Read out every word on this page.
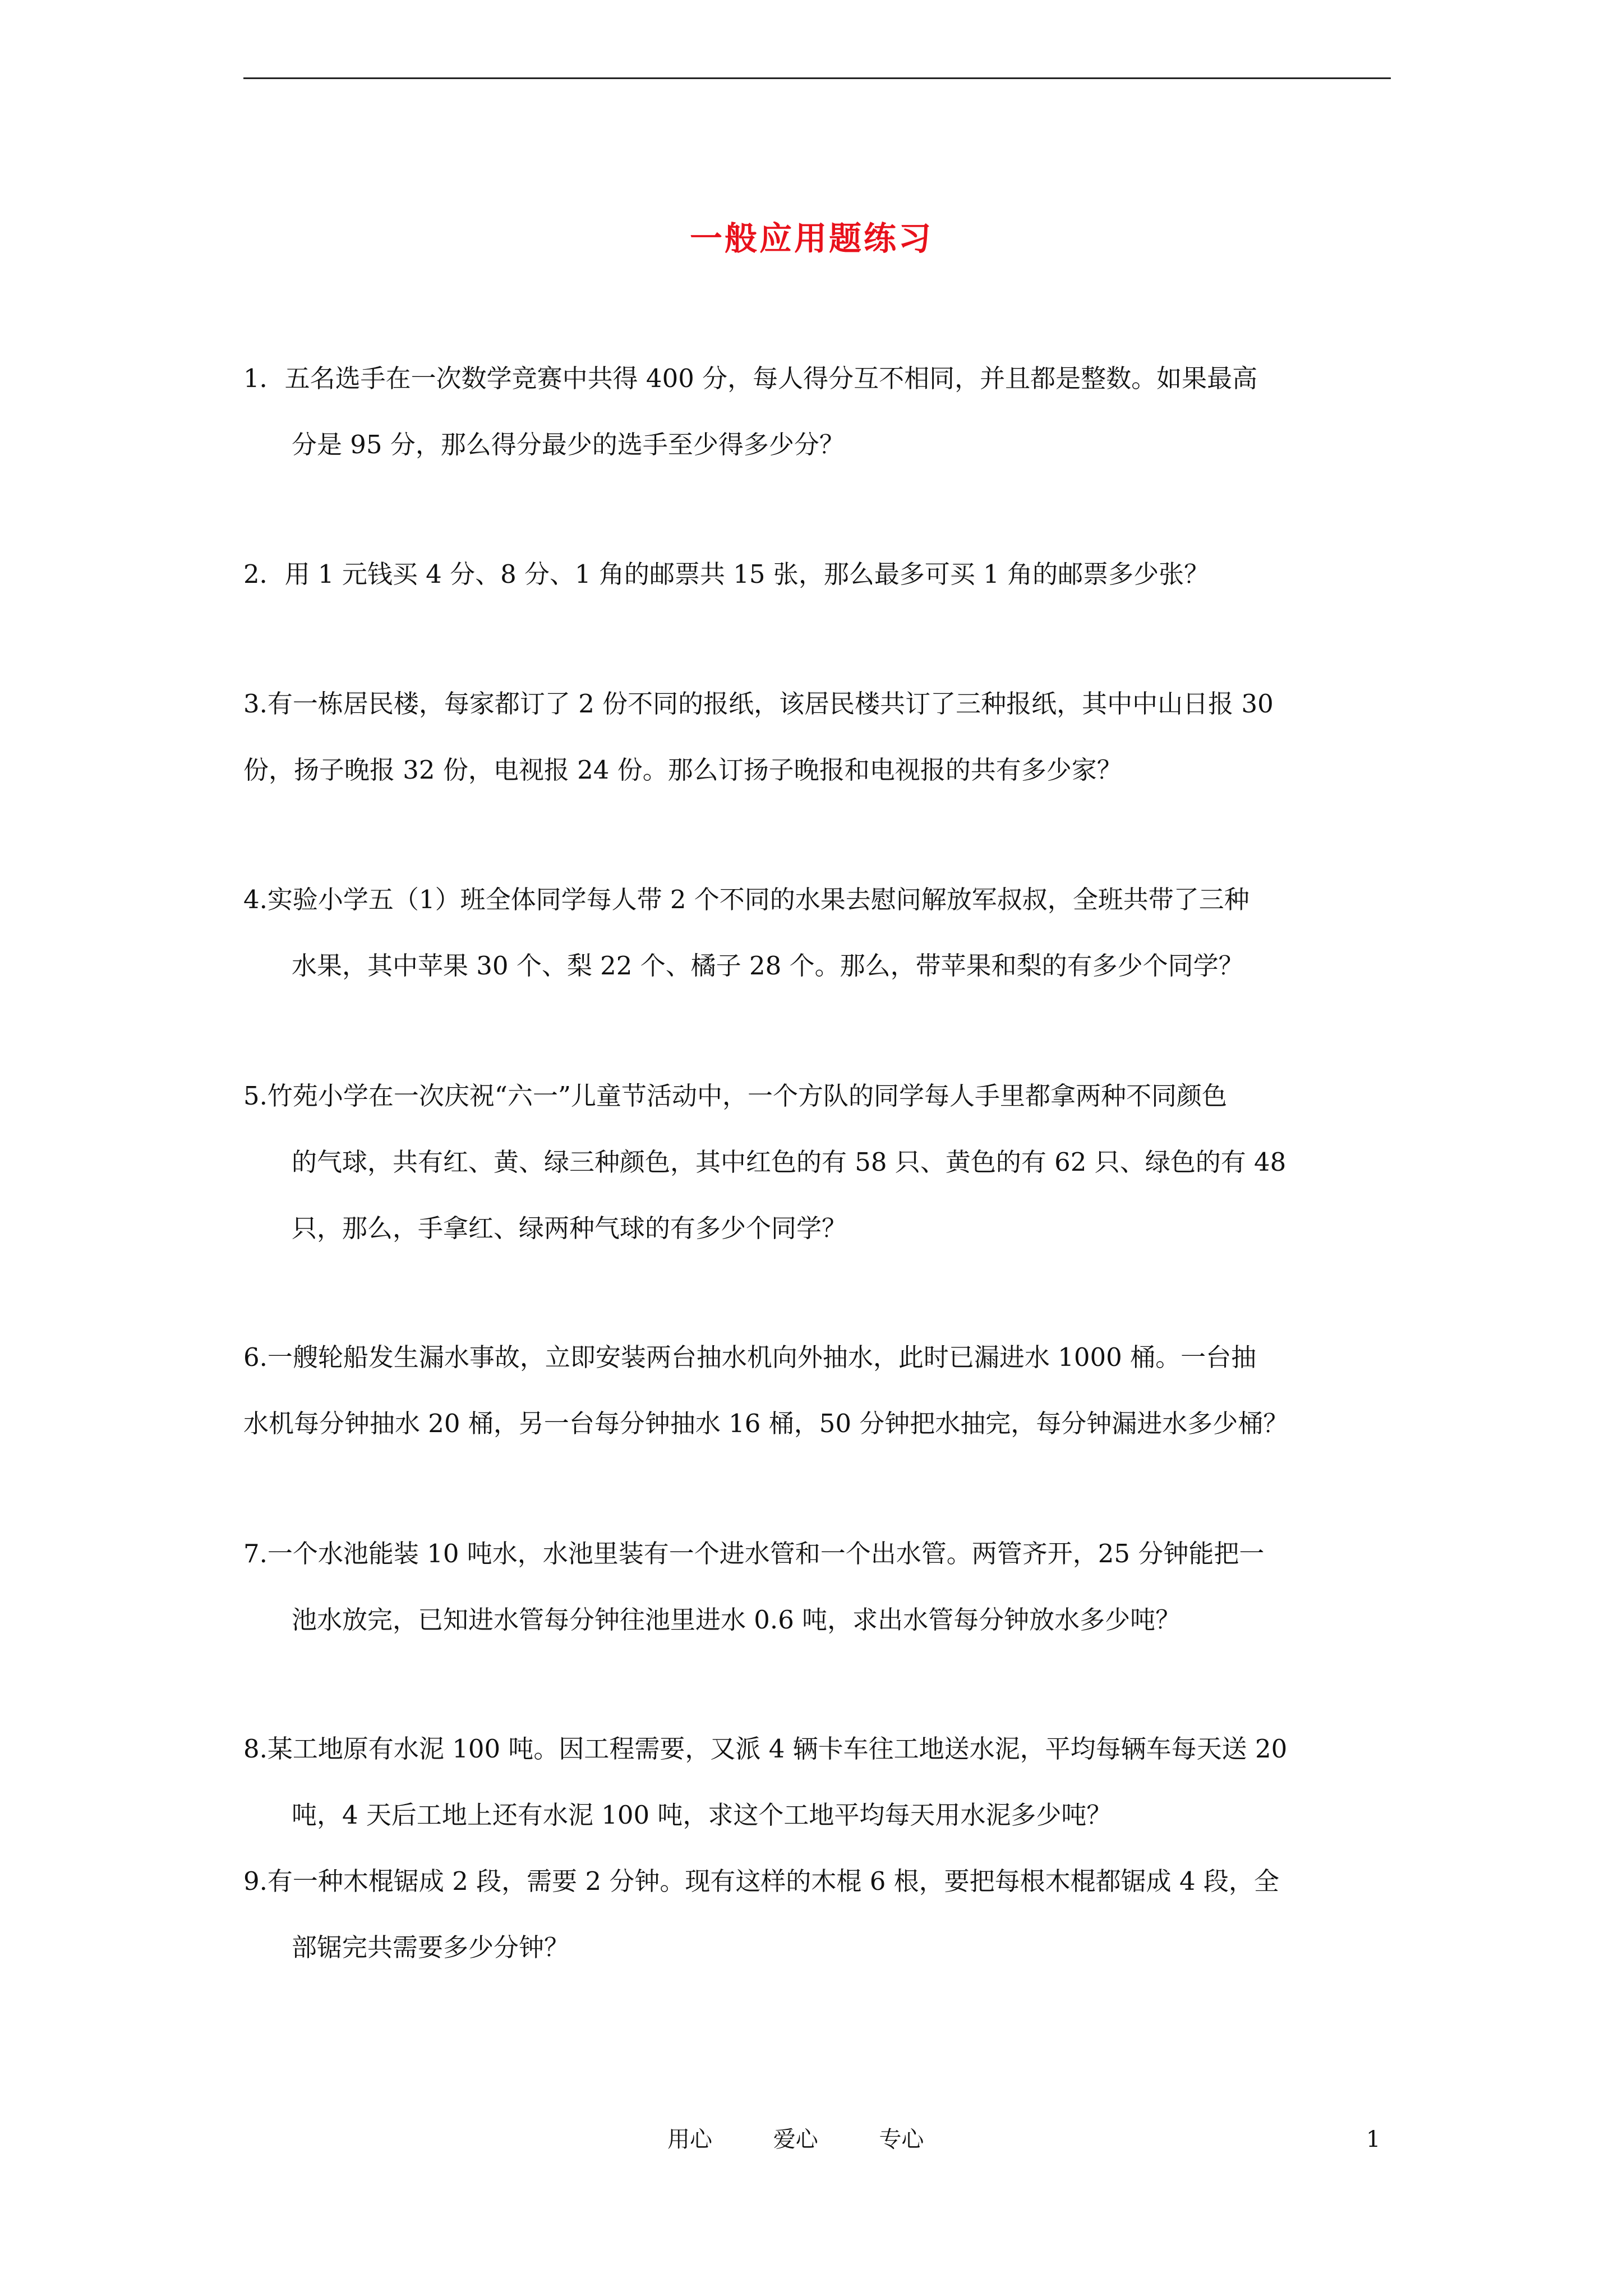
一般应用题练习
1．五名选手在一次数学竞赛中共得 400 分，每人得分互不相同，并且都是整数。如果最高
分是 95 分，那么得分最少的选手至少得多少分？
2．用 1 元钱买 4 分、8 分、1 角的邮票共 15 张，那么最多可买 1 角的邮票多少张？
3.有一栋居民楼，每家都订了 2 份不同的报纸，该居民楼共订了三种报纸，其中中山日报 30
份，扬子晚报 32 份，电视报 24 份。那么订扬子晚报和电视报的共有多少家？
4.实验小学五（1）班全体同学每人带 2 个不同的水果去慰问解放军叔叔，全班共带了三种
水果，其中苹果 30 个、梨 22 个、橘子 28 个。那么，带苹果和梨的有多少个同学？
5.竹苑小学在一次庆祝“六一”儿童节活动中，一个方队的同学每人手里都拿两种不同颜色
的气球，共有红、黄、绿三种颜色，其中红色的有 58 只、黄色的有 62 只、绿色的有 48
只，那么，手拿红、绿两种气球的有多少个同学？
6.一艘轮船发生漏水事故，立即安装两台抽水机向外抽水，此时已漏进水 1000 桶。一台抽
水机每分钟抽水 20 桶，另一台每分钟抽水 16 桶，50 分钟把水抽完，每分钟漏进水多少桶？
7.一个水池能装 10 吨水，水池里装有一个进水管和一个出水管。两管齐开，25 分钟能把一
池水放完，已知进水管每分钟往池里进水 0.6 吨，求出水管每分钟放水多少吨？
8.某工地原有水泥 100 吨。因工程需要，又派 4 辆卡车往工地送水泥，平均每辆车每天送 20
吨，4 天后工地上还有水泥 100 吨，求这个工地平均每天用水泥多少吨？
9.有一种木棍锯成 2 段，需要 2 分钟。现有这样的木棍 6 根，要把每根木棍都锯成 4 段，全
部锯完共需要多少分钟？
用心	爱心	专心	1
